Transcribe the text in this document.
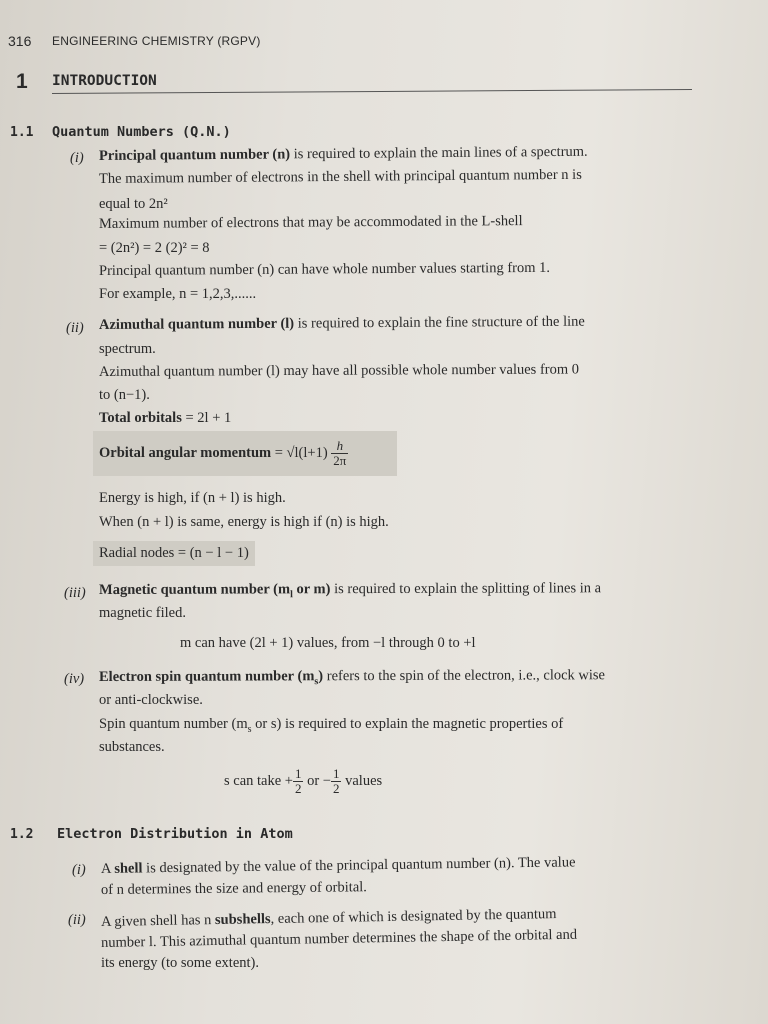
316 ENGINEERING CHEMISTRY (RGPV)
1 INTRODUCTION
1.1 Quantum Numbers (Q.N.)
(i) Principal quantum number (n) is required to explain the main lines of a spectrum.
The maximum number of electrons in the shell with principal quantum number n is
equal to 2n²
Maximum number of electrons that may be accommodated in the L-shell
= (2n²) = 2 (2)² = 8
Principal quantum number (n) can have whole number values starting from 1.
For example, n = 1,2,3,......
(ii) Azimuthal quantum number (l) is required to explain the fine structure of the line
spectrum.
Azimuthal quantum number (l) may have all possible whole number values from 0
to (n−1).
Total orbitals = 2l + 1
Orbital angular momentum = $√l(l+1) \frac{h}{2\pi}$
Energy is high, if (n + l) is high.
When (n + l) is same, energy is high if (n) is high.
Radial nodes = (n − l − 1)
(iii) Magnetic quantum number ($m_l$ or m) is required to explain the splitting of lines in a
magnetic filed.
m can have (2l + 1) values, from −l through 0 to +l
(iv) Electron spin quantum number $(m_s)$ refers to the spin of the electron, i.e., clock wise
or anti-clockwise.
Spin quantum number ($m_s$ or s) is required to explain the magnetic properties of
substances.
s can take + $\frac{1}{2}$ or − $\frac{1}{2}$ values
1.2 Electron Distribution in Atom
(i) A shell is designated by the value of the principal quantum number (n). The value
of n determines the size and energy of orbital.
(ii) A given shell has n subshells, each one of which is designated by the quantum
number l. This azimuthal quantum number determines the shape of the orbital and
its energy (to some extent).
